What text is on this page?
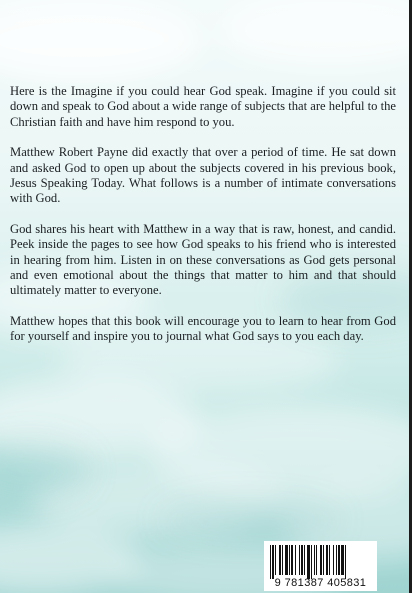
Here is the Imagine if you could hear God speak. Imagine if you could sit down and speak to God about a wide range of subjects that are helpful to the Christian faith and have him respond to you.

Matthew Robert Payne did exactly that over a period of time. He sat down and asked God to open up about the subjects covered in his previous book, Jesus Speaking Today. What follows is a number of intimate conversations with God.

God shares his heart with Matthew in a way that is raw, honest, and candid. Peek inside the pages to see how God speaks to his friend who is interested in hearing from him. Listen in on these conversations as God gets personal and even emotional about the things that matter to him and that should ultimately matter to everyone.

Matthew hopes that this book will encourage you to learn to hear from God for yourself and inspire you to journal what God says to you each day.

9 781387 405831
